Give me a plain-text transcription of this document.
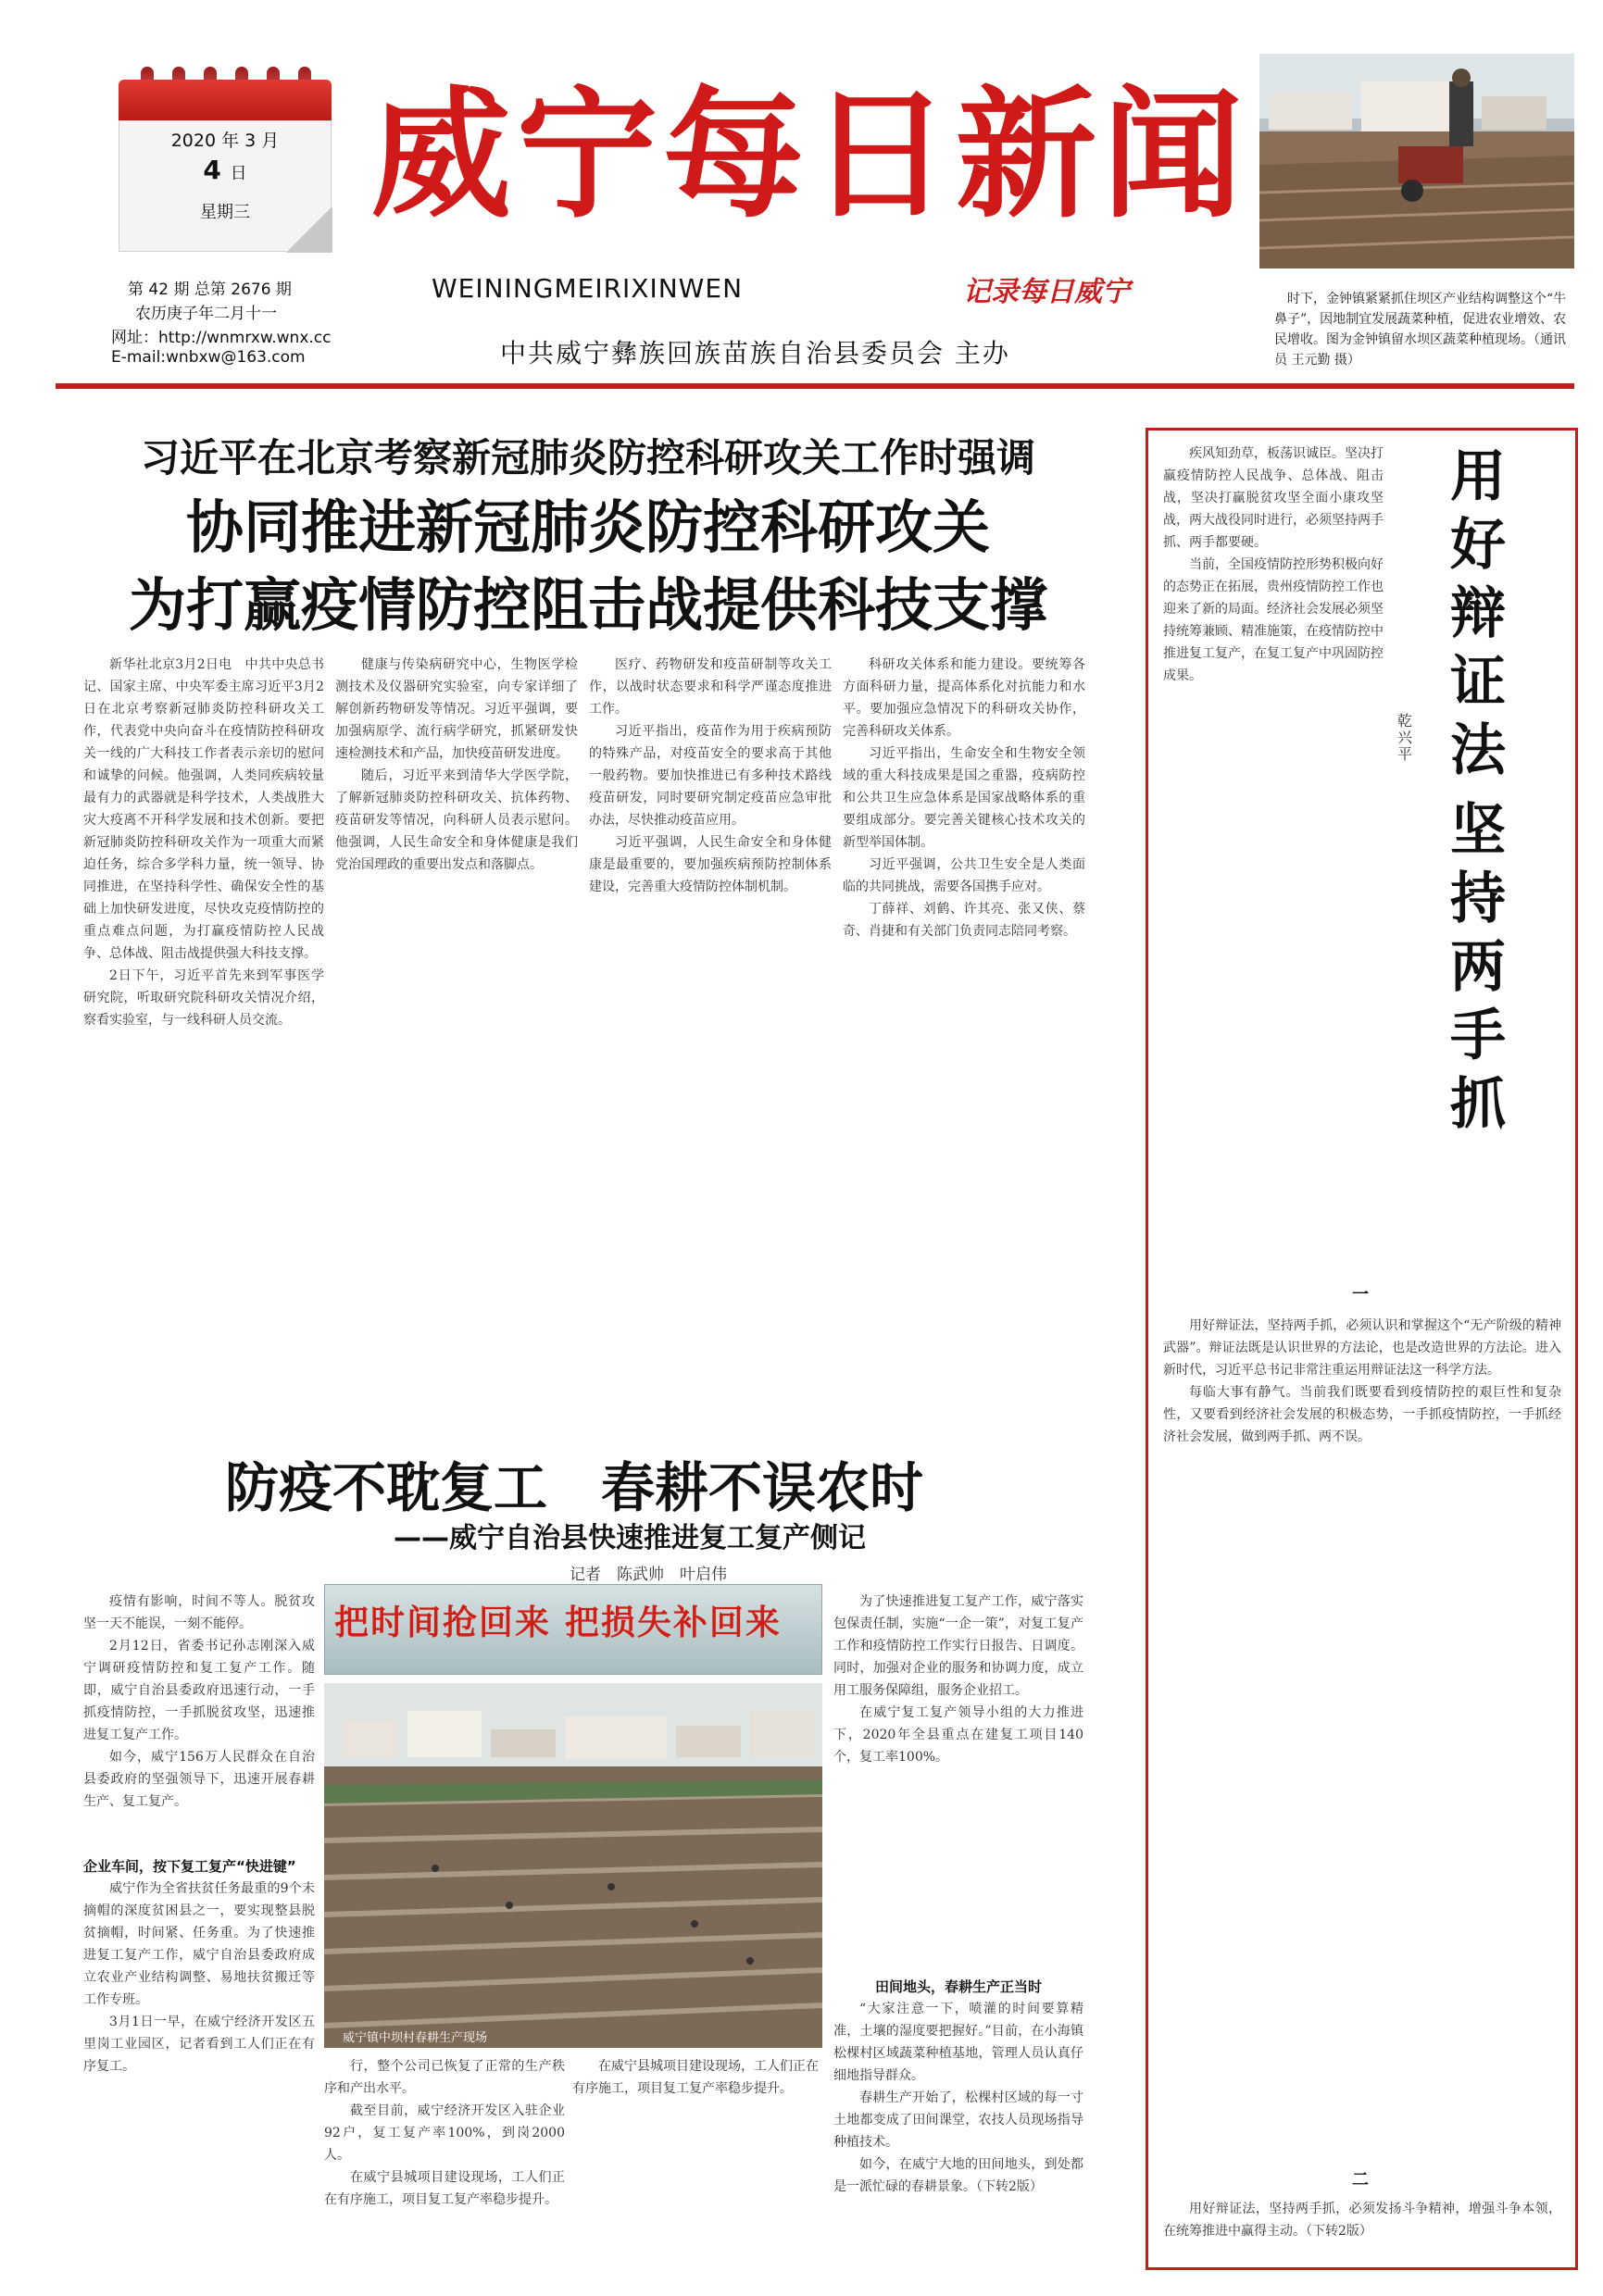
2020 年 3 月
4 日
星期三
第 42 期 总第 2676 期
农历庚子年二月十一
网址：http://wnmrxw.wnx.cc
E-mail:wnbxw@163.com
威宁每日新闻
WEININGMEIRIXINWEN	记录每日威宁
中共威宁彝族回族苗族自治县委员会 主办
　时下，金钟镇紧紧抓住坝区产业结构调整这个“牛鼻子”，因地制宜发展蔬菜种植，促进农业增效、农民增收。图为金钟镇留水坝区蔬菜种植现场。（通讯员 王元勤 摄）
习近平在北京考察新冠肺炎防控科研攻关工作时强调
协同推进新冠肺炎防控科研攻关
为打赢疫情防控阻击战提供科技支撑

新华社北京3月2日电　中共中央总书记、国家主席、中央军委主席习近平3月2日在北京考察新冠肺炎防控科研攻关工作，代表党中央向奋斗在疫情防控科研攻关一线的广大科技工作者表示亲切的慰问和诚挚的问候。他强调，人类同疾病较量最有力的武器就是科学技术，人类战胜大灾大疫离不开科学发展和技术创新。要把新冠肺炎防控科研攻关作为一项重大而紧迫任务，综合多学科力量，统一领导、协同推进，在坚持科学性、确保安全性的基础上加快研发进度，尽快攻克疫情防控的重点难点问题，为打赢疫情防控人民战争、总体战、阻击战提供强大科技支撑。

2日下午，习近平首先来到军事医学研究院，听取研究院科研攻关情况介绍，察看实验室，与一线科研人员交流。

健康与传染病研究中心，生物医学检测技术及仪器研究实验室，向专家详细了解创新药物研发等情况。习近平强调，要加强病原学、流行病学研究，抓紧研发快速检测技术和产品，加快疫苗研发进度。

随后，习近平来到清华大学医学院，了解新冠肺炎防控科研攻关、抗体药物、疫苗研发等情况，向科研人员表示慰问。他强调，人民生命安全和身体健康是我们党治国理政的重要出发点和落脚点。

医疗、药物研发和疫苗研制等攻关工作，以战时状态要求和科学严谨态度推进工作。

习近平指出，疫苗作为用于疾病预防的特殊产品，对疫苗安全的要求高于其他一般药物。要加快推进已有多种技术路线疫苗研发，同时要研究制定疫苗应急审批办法，尽快推动疫苗应用。

习近平强调，人民生命安全和身体健康是最重要的，要加强疾病预防控制体系建设，完善重大疫情防控体制机制。

科研攻关体系和能力建设。要统筹各方面科研力量，提高体系化对抗能力和水平。要加强应急情况下的科研攻关协作，完善科研攻关体系。

习近平指出，生命安全和生物安全领域的重大科技成果是国之重器，疫病防控和公共卫生应急体系是国家战略体系的重要组成部分。要完善关键核心技术攻关的新型举国体制。

习近平强调，公共卫生安全是人类面临的共同挑战，需要各国携手应对。

丁薛祥、刘鹤、许其亮、张又侠、蔡奇、肖捷和有关部门负责同志陪同考察。

用好辩证法
坚持两手抓
乾兴平

疾风知劲草，板荡识诚臣。坚决打赢疫情防控人民战争、总体战、阻击战，坚决打赢脱贫攻坚全面小康攻坚战，两大战役同时进行，必须坚持两手抓、两手都要硬。

当前，全国疫情防控形势积极向好的态势正在拓展，贵州疫情防控工作也迎来了新的局面。经济社会发展必须坚持统筹兼顾、精准施策，在疫情防控中推进复工复产，在复工复产中巩固防控成果。

一

用好辩证法，坚持两手抓，必须认识和掌握这个“无产阶级的精神武器”。辩证法既是认识世界的方法论，也是改造世界的方法论。进入新时代，习近平总书记非常注重运用辩证法这一科学方法。

每临大事有静气。当前我们既要看到疫情防控的艰巨性和复杂性，又要看到经济社会发展的积极态势，一手抓疫情防控，一手抓经济社会发展，做到两手抓、两不误。

二

用好辩证法，坚持两手抓，必须发扬斗争精神，增强斗争本领，在统筹推进中赢得主动。（下转2版）

防疫不耽复工　春耕不误农时
——威宁自治县快速推进复工复产侧记
记者　陈武帅　叶启伟
把时间抢回来 把损失补回来
威宁镇中坝村春耕生产现场

疫情有影响，时间不等人。脱贫攻坚一天不能误，一刻不能停。

2月12日，省委书记孙志刚深入威宁调研疫情防控和复工复产工作。随即，威宁自治县委政府迅速行动，一手抓疫情防控，一手抓脱贫攻坚，迅速推进复工复产工作。

如今，威宁156万人民群众在自治县委政府的坚强领导下，迅速开展春耕生产、复工复产。

企业车间，按下复工复产“快进键”

威宁作为全省扶贫任务最重的9个未摘帽的深度贫困县之一，要实现整县脱贫摘帽，时间紧、任务重。为了快速推进复工复产工作，威宁自治县委政府成立农业产业结构调整、易地扶贫搬迁等工作专班。

3月1日一早，在威宁经济开发区五里岗工业园区，记者看到工人们正在有序复工。	行，整个公司已恢复了正常的生产秩序和产出水平。

截至目前，威宁经济开发区入驻企业92户，复工复产率100%，到岗2000人。

在威宁县城项目建设现场，工人们正在有序施工，项目复工复产率稳步提升。

在威宁县城项目建设现场，工人们正在有序施工，项目复工复产率稳步提升。

为了快速推进复工复产工作，威宁落实包保责任制，实施“一企一策”，对复工复产工作和疫情防控工作实行日报告、日调度。同时，加强对企业的服务和协调力度，成立用工服务保障组，服务企业招工。

在威宁复工复产领导小组的大力推进下，2020年全县重点在建复工项目140个，复工率100%。

田间地头，春耕生产正当时

“大家注意一下，喷灌的时间要算精准，土壤的湿度要把握好。”目前，在小海镇松棵村区域蔬菜种植基地，管理人员认真仔细地指导群众。

春耕生产开始了，松棵村区域的每一寸土地都变成了田间课堂，农技人员现场指导种植技术。

如今，在威宁大地的田间地头，到处都是一派忙碌的春耕景象。（下转2版）
